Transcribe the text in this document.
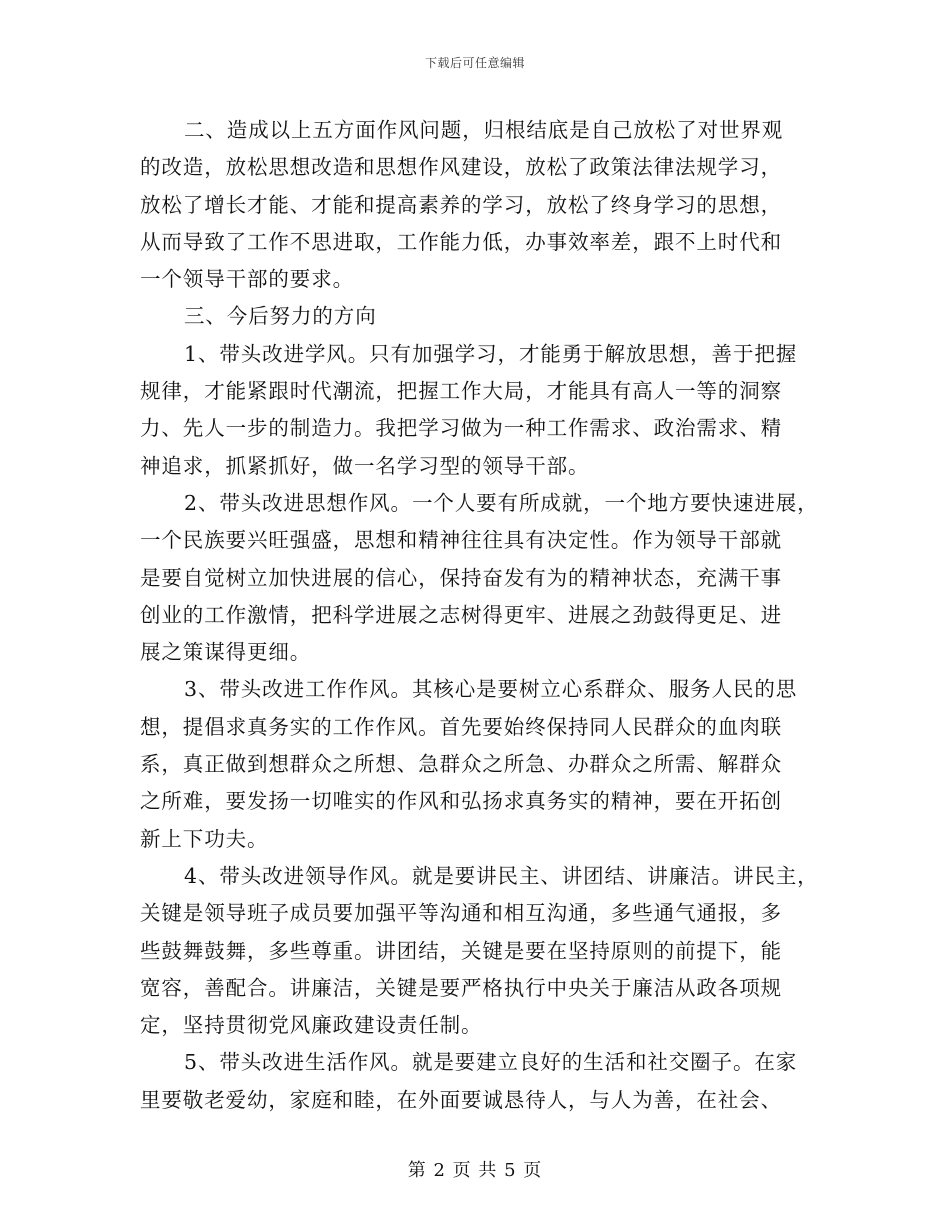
下载后可任意编辑
二、造成以上五方面作风问题，归根结底是自己放松了对世界观
的改造，放松思想改造和思想作风建设，放松了政策法律法规学习，
放松了增长才能、才能和提高素养的学习，放松了终身学习的思想，
从而导致了工作不思进取，工作能力低，办事效率差，跟不上时代和
一个领导干部的要求。
三、今后努力的方向
1、带头改进学风。只有加强学习，才能勇于解放思想，善于把握
规律，才能紧跟时代潮流，把握工作大局，才能具有高人一等的洞察
力、先人一步的制造力。我把学习做为一种工作需求、政治需求、精
神追求，抓紧抓好，做一名学习型的领导干部。
2、带头改进思想作风。一个人要有所成就，一个地方要快速进展，
一个民族要兴旺强盛，思想和精神往往具有决定性。作为领导干部就
是要自觉树立加快进展的信心，保持奋发有为的精神状态，充满干事
创业的工作激情，把科学进展之志树得更牢、进展之劲鼓得更足、进
展之策谋得更细。
3、带头改进工作作风。其核心是要树立心系群众、服务人民的思
想，提倡求真务实的工作作风。首先要始终保持同人民群众的血肉联
系，真正做到想群众之所想、急群众之所急、办群众之所需、解群众
之所难，要发扬一切唯实的作风和弘扬求真务实的精神，要在开拓创
新上下功夫。
4、带头改进领导作风。就是要讲民主、讲团结、讲廉洁。讲民主，
关键是领导班子成员要加强平等沟通和相互沟通，多些通气通报，多
些鼓舞鼓舞，多些尊重。讲团结，关键是要在坚持原则的前提下，能
宽容，善配合。讲廉洁，关键是要严格执行中央关于廉洁从政各项规
定，坚持贯彻党风廉政建设责任制。
5、带头改进生活作风。就是要建立良好的生活和社交圈子。在家
里要敬老爱幼，家庭和睦，在外面要诚恳待人，与人为善，在社会、
第 2 页 共 5 页
